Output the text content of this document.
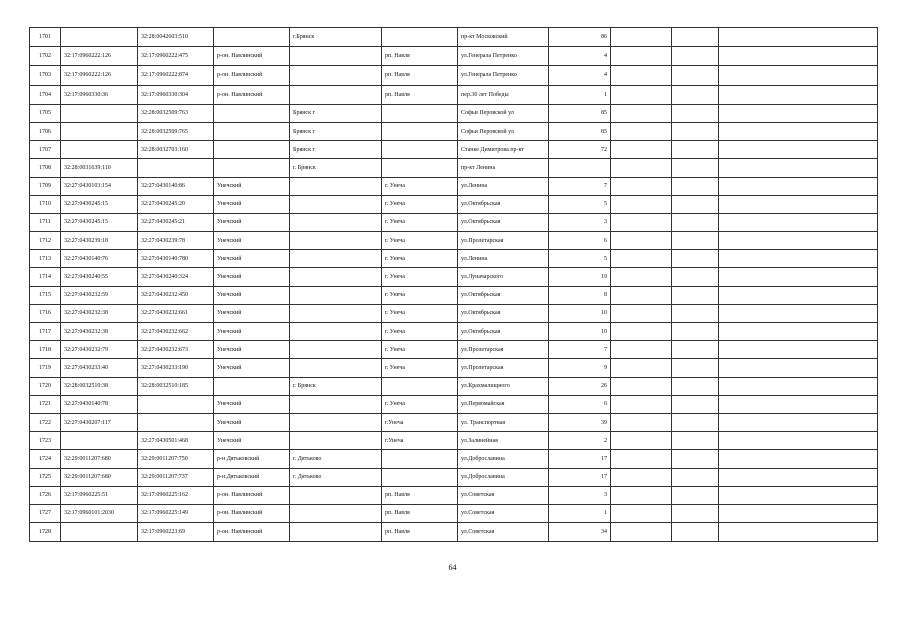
1701		32:28:0042603:510		г.Брянск		пр-кт Московский	86			
1702	32:17:0960222:126	32:17:0960222:475	р-он. Навлинский		рп. Навля	ул.Генерала Петренко	4			
1703	32:17:0960222:126	32:17:0960222:874	р-он. Навлинский		рп. Навля	ул.Генерала Петренко	4			
1704	32:17:0960330:36	32:17:0960330:304	р-он. Навлинский		рп. Навля	пер.30 лет Победы	1			
1705		32:28:0032509:763		Брянск г		Софьи Перовской ул	85			
1706		32:28:0032509:765		Брянск г		Софьи Перовской ул	85			
1707		32:28:0032703:160		Брянск г		Станке Димитрова пр-кт	72			
1708	32:28:0031639:110			г. Брянск		пр-кт Ленина				
1709	32:27:0430103:154	32:27:0430140:86	Унечский		г. Унеча	ул.Ленина	7			
1710	32:27:0430245:15	32:27:0430245:20	Унечский		г. Унеча	ул.Октябрьская	5			
1711	32:27:0430245:15	32:27:0430245:21	Унечский		г. Унеча	ул.Октябрьская	3			
1712	32:27:0430239:18	32:27:0430239:78	Унечский		г. Унеча	ул.Пролетарская	6			
1713	32:27:0430140:76	32:27:0430140:780	Унечский		г. Унеча	ул.Ленина	5			
1714	32:27:0430240:55	32:27:0430240:324	Унечский		г. Унеча	ул.Луначарского	19			
1715	32:27:0430232:59	32:27:0430232:450	Унечский		г. Унеча	ул.Октябрьская	8			
1716	32:27:0430232:38	32:27:0430232:661	Унечский		г. Унеча	ул.Октябрьская	10			
1717	32:27:0430232:38	32:27:0430232:662	Унечский		г. Унеча	ул.Октябрьская	10			
1718	32:27:0430232:79	32:27:0430232:673	Унечский		г. Унеча	ул.Пролетарская	7			
1719	32:27:0430233:40	32:27:0430233:190	Унечский		г. Унеча	ул.Пролетарская	9			
1720	32:28:0032510:38	32:28:0032510:185		г. Брянск		ул.Крахмалищного	26			
1721	32:27:0430140:78		Унечский		г. Унеча	ул.Первомайская	6			
1722	32:27:0430207:117		Унечский		г.Унеча	ул. Транспортная	39			
1723		32:27:0430501:468	Унечский		г.Унеча	ул.Залинейная	2			
1724	32:29:0011207:680	32:29:0011207:750	р-н Дятьковский	г. Дятьково		ул.Доброславина	17			
1725	32:29:0011207:680	32:29:0011207:737	р-н.Дятьковский	г. Дятьково		ул.Доброславина	17			
1726	32:17:0960225:51	32:17:0960225:162	р-он. Навлинский		рп. Навля	ул.Советская	3			
1727	32:17:0960101:2030	32:17:0960225:149	р-он. Навлинский		рп. Навля	ул.Советская	1			
1728		32:17:0960223:69	р-он. Навлинский		рп. Навля	ул.Советская	34			
64
